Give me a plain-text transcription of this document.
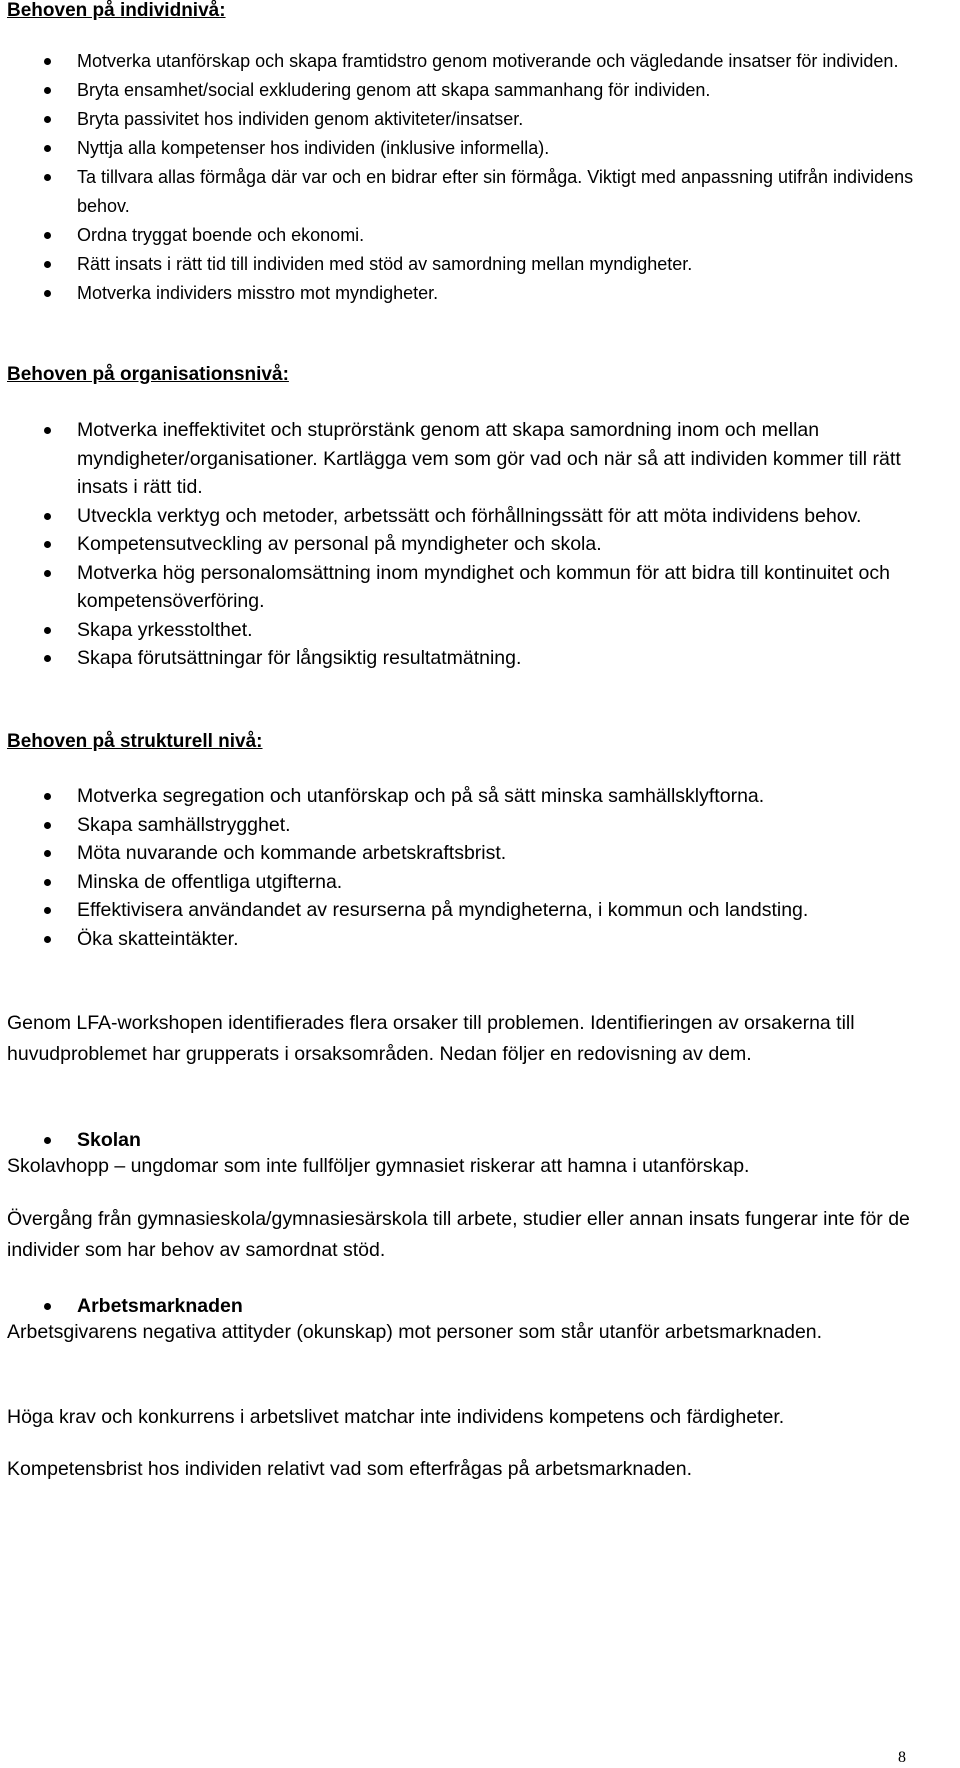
Behoven på individnivå:
Motverka utanförskap och skapa framtidstro genom motiverande och vägledande insatser för individen.
Bryta ensamhet/social exkludering genom att skapa sammanhang för individen.
Bryta passivitet hos individen genom aktiviteter/insatser.
Nyttja alla kompetenser hos individen (inklusive informella).
Ta tillvara allas förmåga där var och en bidrar efter sin förmåga. Viktigt med anpassning utifrån individens behov.
Ordna tryggat boende och ekonomi.
Rätt insats i rätt tid till individen med stöd av samordning mellan myndigheter.
Motverka individers misstro mot myndigheter.
Behoven på organisationsnivå:
Motverka ineffektivitet och stuprörstänk genom att skapa samordning inom och mellan myndigheter/organisationer. Kartlägga vem som gör vad och när så att individen kommer till rätt insats i rätt tid.
Utveckla verktyg och metoder, arbetssätt och förhållningssätt för att möta individens behov.
Kompetensutveckling av personal på myndigheter och skola.
Motverka hög personalomsättning inom myndighet och kommun för att bidra till kontinuitet och kompetensöverföring.
Skapa yrkesstolthet.
Skapa förutsättningar för långsiktig resultatmätning.
Behoven på strukturell nivå:
Motverka segregation och utanförskap och på så sätt minska samhällsklyftorna.
Skapa samhällstrygghet.
Möta nuvarande och kommande arbetskraftsbrist.
Minska de offentliga utgifterna.
Effektivisera användandet av resurserna på myndigheterna, i kommun och landsting.
Öka skatteintäkter.

Genom LFA-workshopen identifierades flera orsaker till problemen. Identifieringen av orsakerna till huvudproblemet har grupperats i orsaksområden. Nedan följer en redovisning av dem.

Skolan

Skolavhopp – ungdomar som inte fullföljer gymnasiet riskerar att hamna i utanförskap.

Övergång från gymnasieskola/gymnasiesärskola till arbete, studier eller annan insats fungerar inte för de individer som har behov av samordnat stöd.

Arbetsmarknaden

Arbetsgivarens negativa attityder (okunskap) mot personer som står utanför arbetsmarknaden.

Höga krav och konkurrens i arbetslivet matchar inte individens kompetens och färdigheter.

Kompetensbrist hos individen relativt vad som efterfrågas på arbetsmarknaden.

8
